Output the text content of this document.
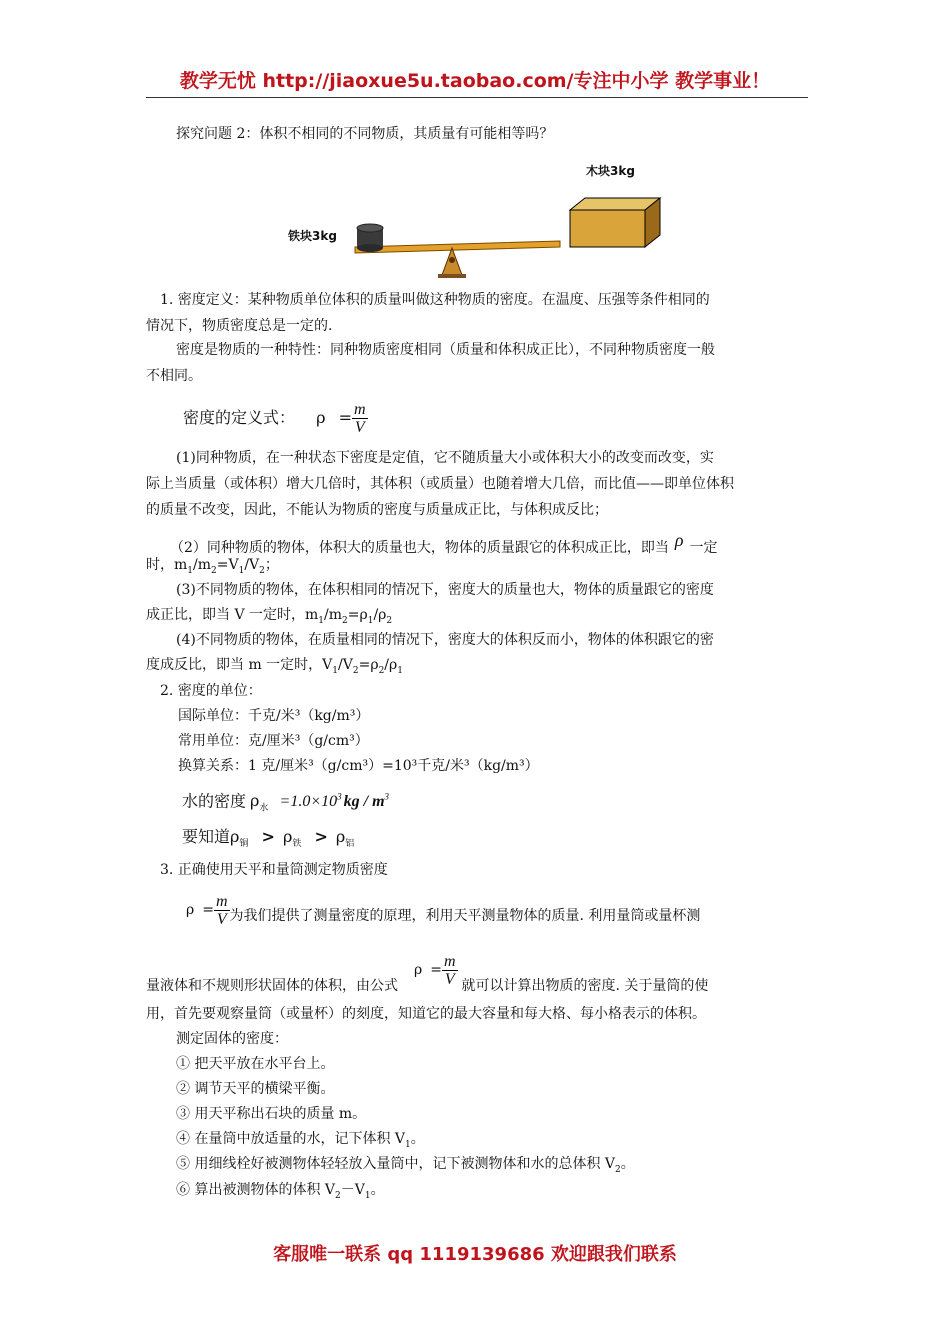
教学无忧 http://jiaoxue5u.taobao.com/专注中小学 教学事业！
探究问题 2：体积不相同的不同物质，其质量有可能相等吗？
木块3kg
铁块3kg
1. 密度定义：某种物质单位体积的质量叫做这种物质的密度。在温度、压强等条件相同的
情况下，物质密度总是一定的.
密度是物质的一种特性：同种物质密度相同（质量和体积成正比），不同种物质密度一般
不相同。
密度的定义式： $\rho = \frac{m}{V}$
(1)同种物质，在一种状态下密度是定值，它不随质量大小或体积大小的改变而改变，实
际上当质量（或体积）增大几倍时，其体积（或质量）也随着增大几倍，而比值——即单位体积
的质量不改变，因此，不能认为物质的密度与质量成正比，与体积成反比；
（2）同种物质的物体，体积大的质量也大，物体的质量跟它的体积成正比，即当 ρ 一定
时，$m_1/m_2=V_1/V_2$；
(3)不同物质的物体，在体积相同的情况下，密度大的质量也大，物体的质量跟它的密度
成正比，即当 V 一定时，$m_1/m_2=\rho_1/\rho_2$
(4)不同物质的物体，在质量相同的情况下，密度大的体积反而小，物体的体积跟它的密
度成反比，即当 m 一定时，$V_1/V_2=\rho_2/\rho_1$
2. 密度的单位：
国际单位：千克/米³（kg/m³）
常用单位：克/厘米³（g/cm³）
换算关系：1 克/厘米³（g/cm³）=10³千克/米³（kg/m³）
水的密度 $\rho_水 =1.0\times 10^3$ kg / $m^3$
要知道$\rho_铜 > \rho_铁 > \rho_铝$
3. 正确使用天平和量筒测定物质密度
$\rho = \frac{m}{V}$ 为我们提供了测量密度的原理，利用天平测量物体的质量. 利用量筒或量杯测
量液体和不规则形状固体的体积，由公式$\rho = \frac{m}{V}$ 就可以计算出物质的密度. 关于量筒的使
用，首先要观察量筒（或量杯）的刻度，知道它的最大容量和每大格、每小格表示的体积。
测定固体的密度：
① 把天平放在水平台上。
② 调节天平的横梁平衡。
③ 用天平称出石块的质量 m。
④ 在量筒中放适量的水，记下体积 $V_1$。
⑤ 用细线栓好被测物体轻轻放入量筒中，记下被测物体和水的总体积 $V_2$。
⑥ 算出被测物体的体积 $V_2-V_1$。
客服唯一联系 qq 1119139686 欢迎跟我们联系
